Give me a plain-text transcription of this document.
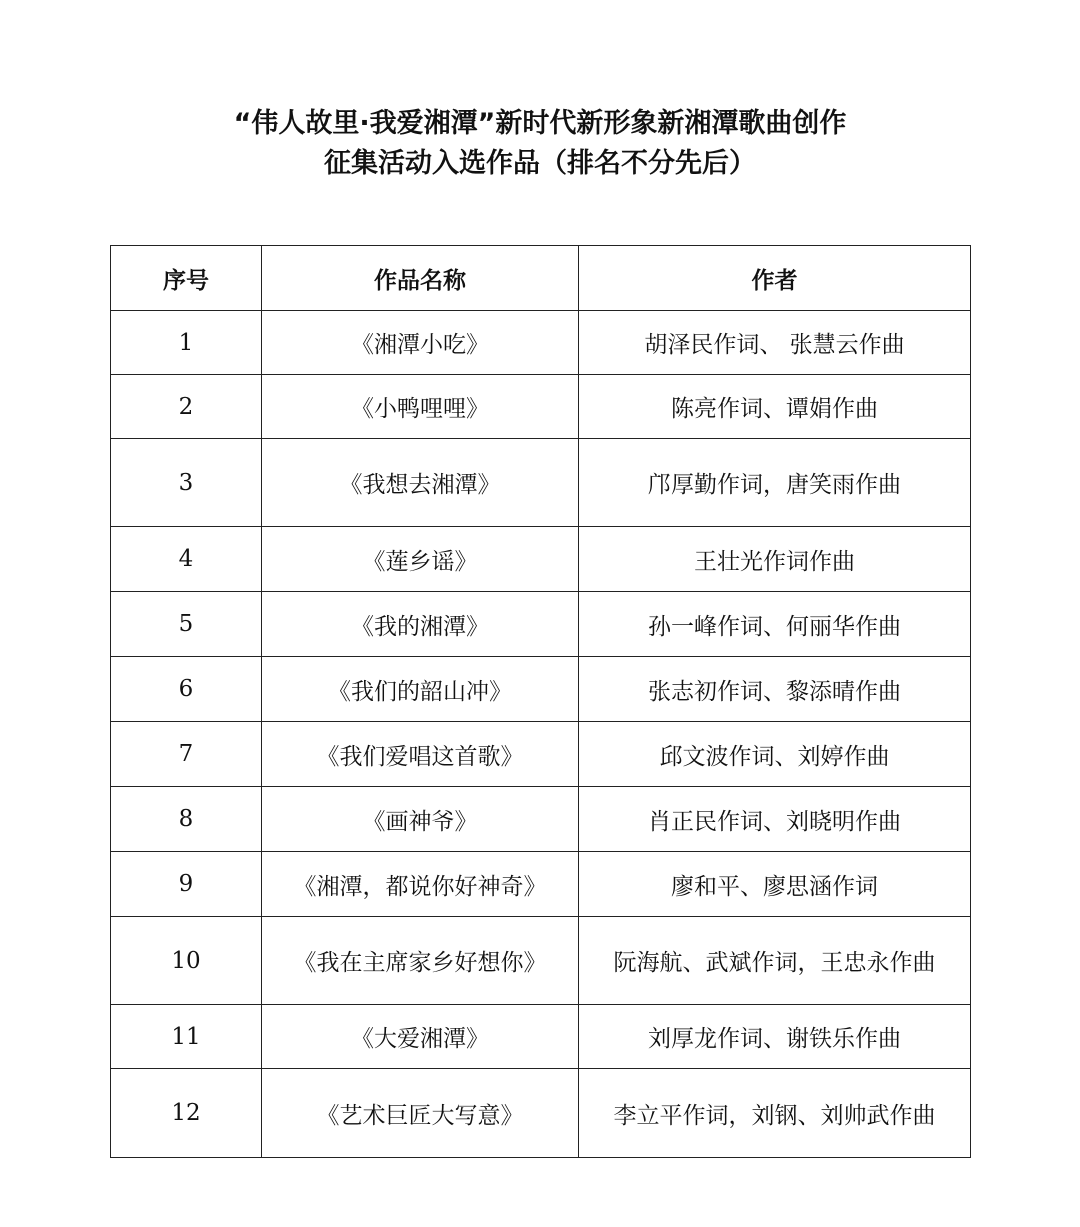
“伟人故里·我爱湘潭”新时代新形象新湘潭歌曲创作
征集活动入选作品（排名不分先后）
序号	作品名称	作者
1	《湘潭小吃》	胡泽民作词、 张慧云作曲
2	《小鸭哩哩》	陈亮作词、谭娟作曲
3	《我想去湘潭》	邝厚勤作词，唐笑雨作曲
4	《莲乡谣》	王壮光作词作曲
5	《我的湘潭》	孙一峰作词、何丽华作曲
6	《我们的韶山冲》	张志初作词、黎添晴作曲
7	《我们爱唱这首歌》	邱文波作词、刘婷作曲
8	《画神爷》	肖正民作词、刘晓明作曲
9	《湘潭，都说你好神奇》	廖和平、廖思涵作词
10	《我在主席家乡好想你》	阮海航、武斌作词，王忠永作曲
11	《大爱湘潭》	刘厚龙作词、谢铁乐作曲
12	《艺术巨匠大写意》	李立平作词，刘钢、刘帅武作曲
